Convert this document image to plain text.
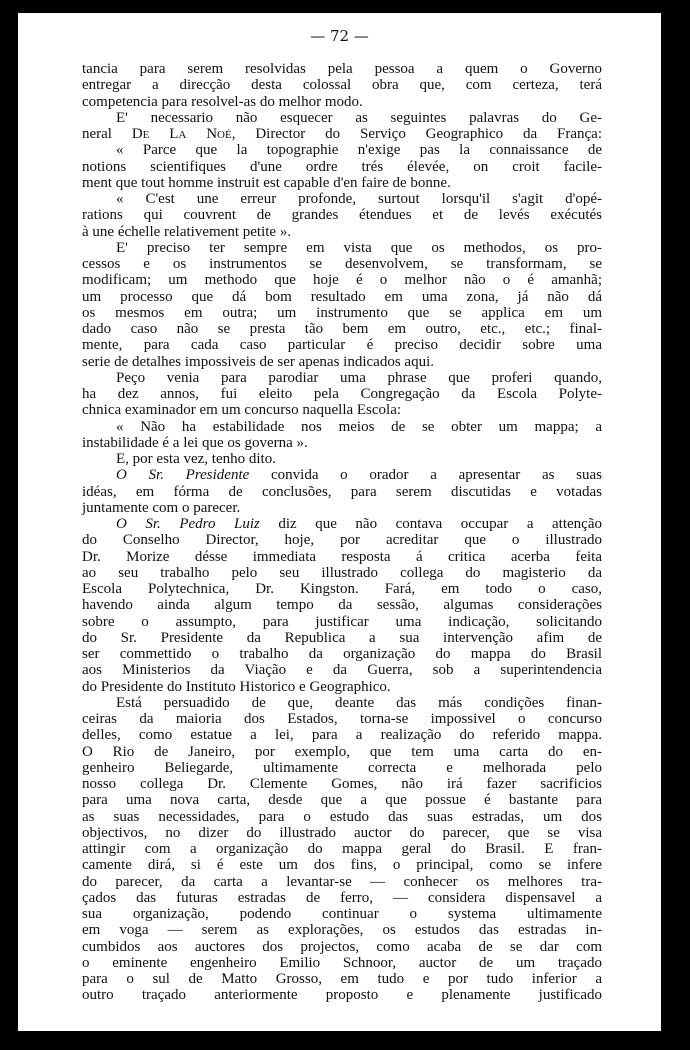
— 72 —
tancia para serem resolvidas pela pessoa a quem o Governo
entregar a direcção desta colossal obra que, com certeza, terá
competencia para resolvel-as do melhor modo.
E' necessario não esquecer as seguintes palavras do Ge-
neral De La Noé, Director do Serviço Geographico da França:
« Parce que la topographie n'exige pas la connaissance de
notions scientifiques d'une ordre trés élevée, on croit facile-
ment que tout homme instruit est capable d'en faire de bonne.
« C'est une erreur profonde, surtout lorsqu'il s'agit d'opé-
rations qui couvrent de grandes étendues et de levés exécutés
à une échelle relativement petite ».
E' preciso ter sempre em vista que os methodos, os pro-
cessos e os instrumentos se desenvolvem, se transformam, se
modificam; um methodo que hoje é o melhor não o é amanhã;
um processo que dá bom resultado em uma zona, já não dá
os mesmos em outra; um instrumento que se applica em um
dado caso não se presta tão bem em outro, etc., etc.; final-
mente, para cada caso particular é preciso decidir sobre uma
serie de detalhes impossiveis de ser apenas indicados aqui.
Peço venia para parodiar uma phrase que proferi quando,
ha dez annos, fui eleito pela Congregação da Escola Polyte-
chnica examinador em um concurso naquella Escola:
« Não ha estabilidade nos meios de se obter um mappa; a
instabilidade é a lei que os governa ».
E, por esta vez, tenho dito.
O Sr. Presidente convida o orador a apresentar as suas
idéas, em fórma de conclusões, para serem discutidas e votadas
juntamente com o parecer.
O Sr. Pedro Luiz diz que não contava occupar a attenção
do Conselho Director, hoje, por acreditar que o illustrado
Dr. Morize désse immediata resposta á critica acerba feita
ao seu trabalho pelo seu illustrado collega do magisterio da
Escola Polytechnica, Dr. Kingston. Fará, em todo o caso,
havendo ainda algum tempo da sessão, algumas considerações
sobre o assumpto, para justificar uma indicação, solicitando
do Sr. Presidente da Republica a sua intervenção afim de
ser commettido o trabalho da organização do mappa do Brasil
aos Ministerios da Viação e da Guerra, sob a superintendencia
do Presidente do Instituto Historico e Geographico.
Está persuadido de que, deante das más condições finan-
ceiras da maioria dos Estados, torna-se impossivel o concurso
delles, como estatue a lei, para a realização do referido mappa.
O Rio de Janeiro, por exemplo, que tem uma carta do en-
genheiro Beliegarde, ultimamente correcta e melhorada pelo
nosso collega Dr. Clemente Gomes, não irá fazer sacrificios
para uma nova carta, desde que a que possue é bastante para
as suas necessidades, para o estudo das suas estradas, um dos
objectivos, no dizer do illustrado auctor do parecer, que se visa
attingir com a organização do mappa geral do Brasil. E fran-
camente dirá, si é este um dos fins, o principal, como se infere
do parecer, da carta a levantar-se — conhecer os melhores tra-
çados das futuras estradas de ferro, — considera dispensavel a
sua organização, podendo continuar o systema ultimamente
em voga — serem as explorações, os estudos das estradas in-
cumbidos aos auctores dos projectos, como acaba de se dar com
o eminente engenheiro Emilio Schnoor, auctor de um traçado
para o sul de Matto Grosso, em tudo e por tudo inferior a
outro traçado anteriormente proposto e plenamente justificado
